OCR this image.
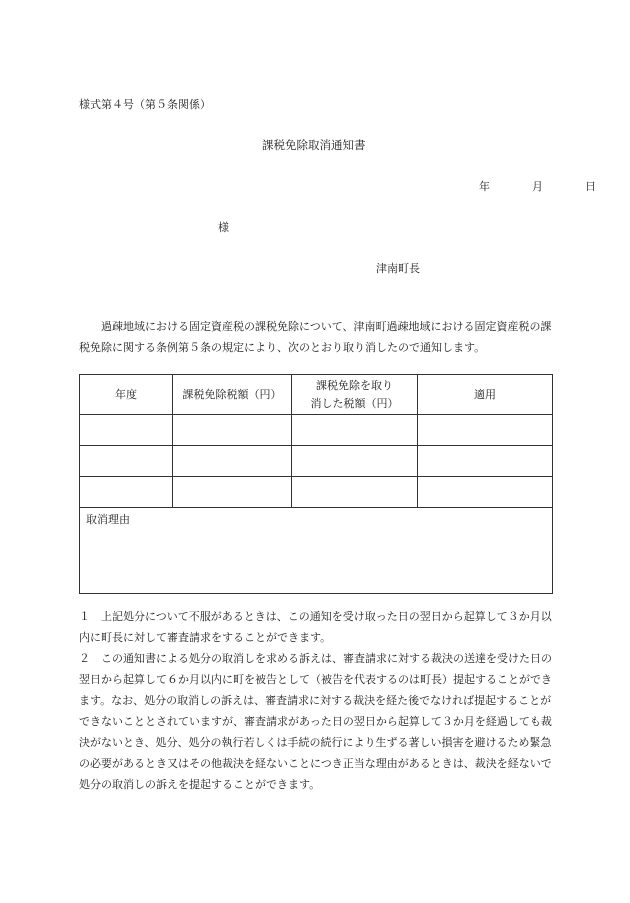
様式第４号（第５条関係）
課税免除取消通知書
年	月	日
様
津南町長
過疎地域における固定資産税の課税免除について、津南町過疎地域における固定資産税の課税免除に関する条例第５条の規定により、次のとおり取り消したので通知します。
年度	課税免除税額（円）	課税免除を取り
消した税額（円）	適用

取消理由			
１ 上記処分について不服があるときは、この通知を受け取った日の翌日から起算して３か月以内に町長に対して審査請求をすることができます。
２ この通知書による処分の取消しを求める訴えは、審査請求に対する裁決の送達を受けた日の翌日から起算して６か月以内に町を被告として（被告を代表するのは町長）提起することができます。なお、処分の取消しの訴えは、審査請求に対する裁決を経た後でなければ提起することができないこととされていますが、審査請求があった日の翌日から起算して３か月を経過しても裁決がないとき、処分、処分の執行若しくは手続の続行により生ずる著しい損害を避けるため緊急の必要があるとき又はその他裁決を経ないことにつき正当な理由があるときは、裁決を経ないで処分の取消しの訴えを提起することができます。
